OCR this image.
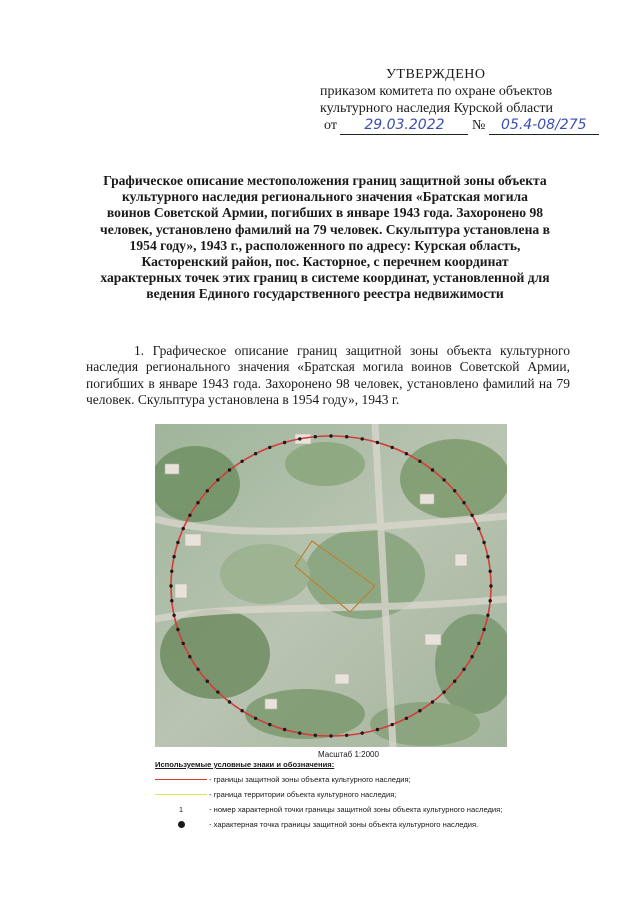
УТВЕРЖДЕНО
приказом комитета по охране объектов
культурного наследия Курской области
от 29.03.2022 № 05.4-08/275
Графическое описание местоположения границ защитной зоны объекта культурного наследия регионального значения «Братская могила воинов Советской Армии, погибших в январе 1943 года. Захоронено 98 человек, установлено фамилий на 79 человек. Скульптура установлена в 1954 году», 1943 г., расположенного по адресу: Курская область, Касторенский район, пос. Касторное, с перечнем координат характерных точек этих границ в системе координат, установленной для ведения Единого государственного реестра недвижимости
1. Графическое описание границ защитной зоны объекта культурного наследия регионального значения «Братская могила воинов Советской Армии, погибших в январе 1943 года. Захоронено 98 человек, установлено фамилий на 79 человек. Скульптура установлена в 1954 году», 1943 г.
Масштаб 1:2000
Используемые условные знаки и обозначения:
- границы защитной зоны объекта культурного наследия;
- граница территории объекта культурного наследия;
1	- номер характерной точки границы защитной зоны объекта культурного наследия;
- характерная точка границы защитной зоны объекта культурного наследия.
